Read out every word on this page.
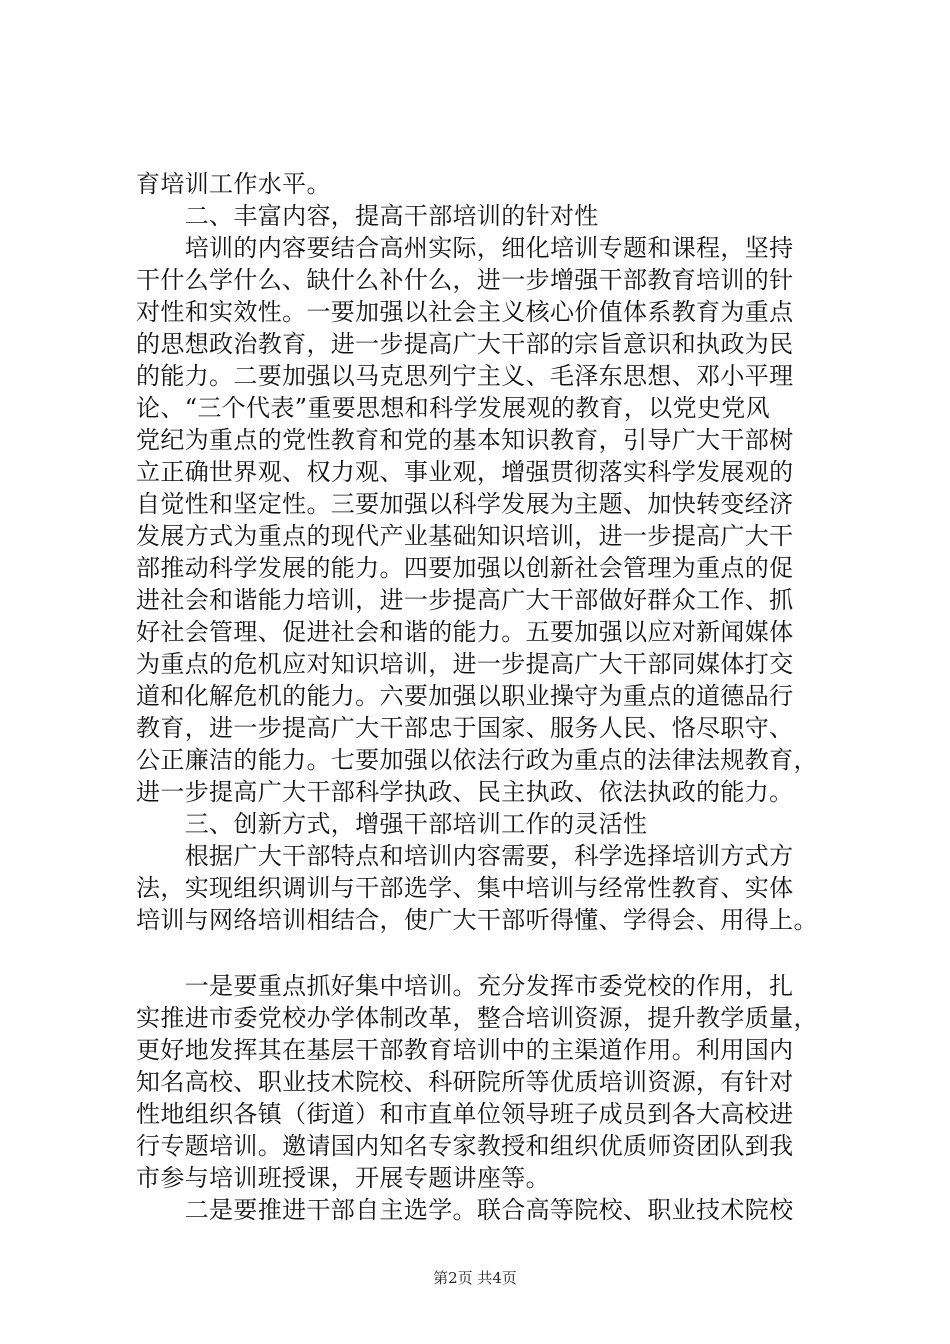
育培训工作水平。
　　二、丰富内容，提高干部培训的针对性
　　培训的内容要结合高州实际，细化培训专题和课程，坚持
干什么学什么、缺什么补什么，进一步增强干部教育培训的针
对性和实效性。一要加强以社会主义核心价值体系教育为重点
的思想政治教育，进一步提高广大干部的宗旨意识和执政为民
的能力。二要加强以马克思列宁主义、毛泽东思想、邓小平理
论、“三个代表”重要思想和科学发展观的教育，以党史党风
党纪为重点的党性教育和党的基本知识教育，引导广大干部树
立正确世界观、权力观、事业观，增强贯彻落实科学发展观的
自觉性和坚定性。三要加强以科学发展为主题、加快转变经济
发展方式为重点的现代产业基础知识培训，进一步提高广大干
部推动科学发展的能力。四要加强以创新社会管理为重点的促
进社会和谐能力培训，进一步提高广大干部做好群众工作、抓
好社会管理、促进社会和谐的能力。五要加强以应对新闻媒体
为重点的危机应对知识培训，进一步提高广大干部同媒体打交
道和化解危机的能力。六要加强以职业操守为重点的道德品行
教育，进一步提高广大干部忠于国家、服务人民、恪尽职守、
公正廉洁的能力。七要加强以依法行政为重点的法律法规教育，
进一步提高广大干部科学执政、民主执政、依法执政的能力。
　　三、创新方式，增强干部培训工作的灵活性
　　根据广大干部特点和培训内容需要，科学选择培训方式方
法，实现组织调训与干部选学、集中培训与经常性教育、实体
培训与网络培训相结合，使广大干部听得懂、学得会、用得上。
　　一是要重点抓好集中培训。充分发挥市委党校的作用，扎
实推进市委党校办学体制改革，整合培训资源，提升教学质量，
更好地发挥其在基层干部教育培训中的主渠道作用。利用国内
知名高校、职业技术院校、科研院所等优质培训资源，有针对
性地组织各镇（街道）和市直单位领导班子成员到各大高校进
行专题培训。邀请国内知名专家教授和组织优质师资团队到我
市参与培训班授课，开展专题讲座等。
　　二是要推进干部自主选学。联合高等院校、职业技术院校
第2页 共4页
